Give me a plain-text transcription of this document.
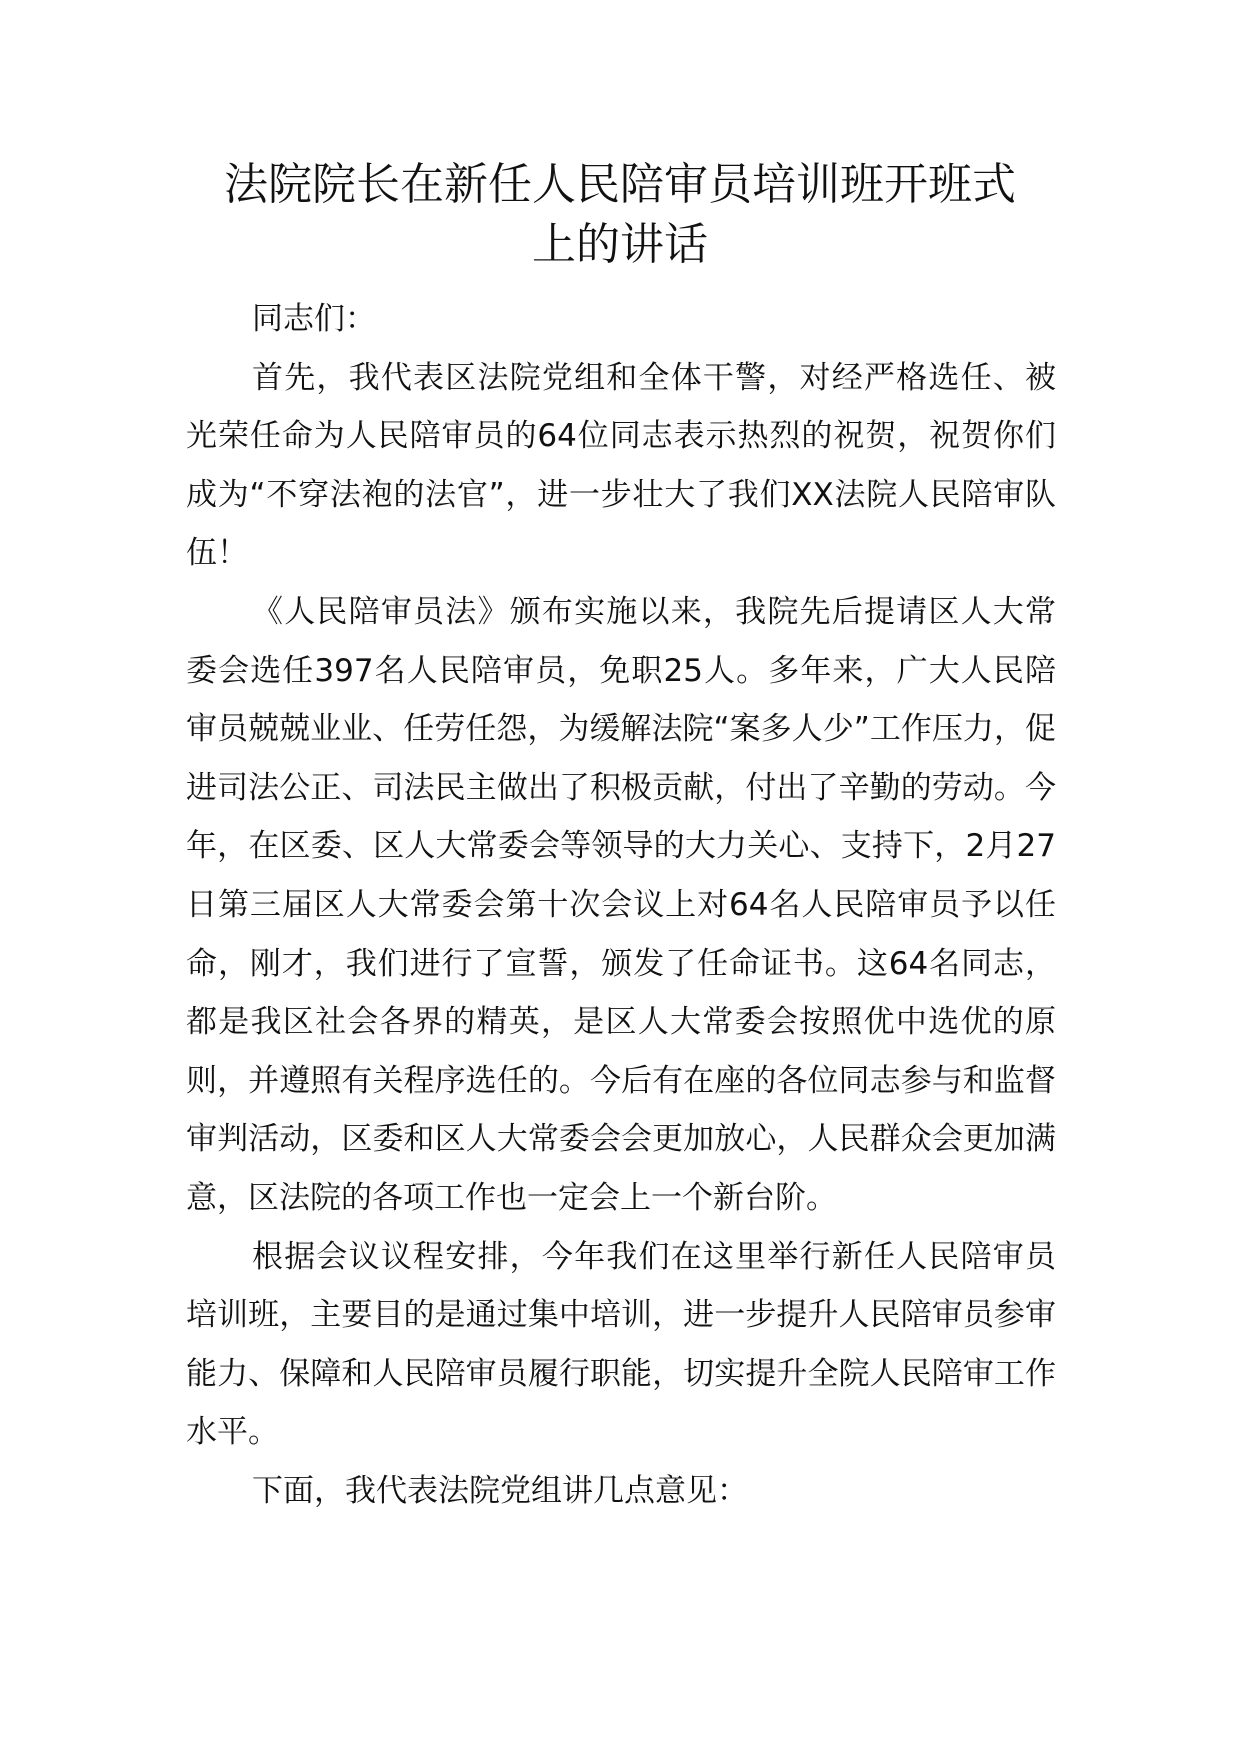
法院院长在新任人民陪审员培训班开班式
上的讲话

同志们：

首先，我代表区法院党组和全体干警，对经严格选任、被光荣任命为人民陪审员的64位同志表示热烈的祝贺，祝贺你们成为“不穿法袍的法官”，进一步壮大了我们XX法院人民陪审队伍！

《人民陪审员法》颁布实施以来，我院先后提请区人大常委会选任397名人民陪审员，免职25人。多年来，广大人民陪审员兢兢业业、任劳任怨，为缓解法院“案多人少”工作压力，促进司法公正、司法民主做出了积极贡献，付出了辛勤的劳动。今年，在区委、区人大常委会等领导的大力关心、支持下，2月27日第三届区人大常委会第十次会议上对64名人民陪审员予以任命，刚才，我们进行了宣誓，颁发了任命证书。这64名同志，都是我区社会各界的精英，是区人大常委会按照优中选优的原则，并遵照有关程序选任的。今后有在座的各位同志参与和监督审判活动，区委和区人大常委会会更加放心，人民群众会更加满意，区法院的各项工作也一定会上一个新台阶。

根据会议议程安排，今年我们在这里举行新任人民陪审员培训班，主要目的是通过集中培训，进一步提升人民陪审员参审能力、保障和人民陪审员履行职能，切实提升全院人民陪审工作水平。

下面，我代表法院党组讲几点意见：
